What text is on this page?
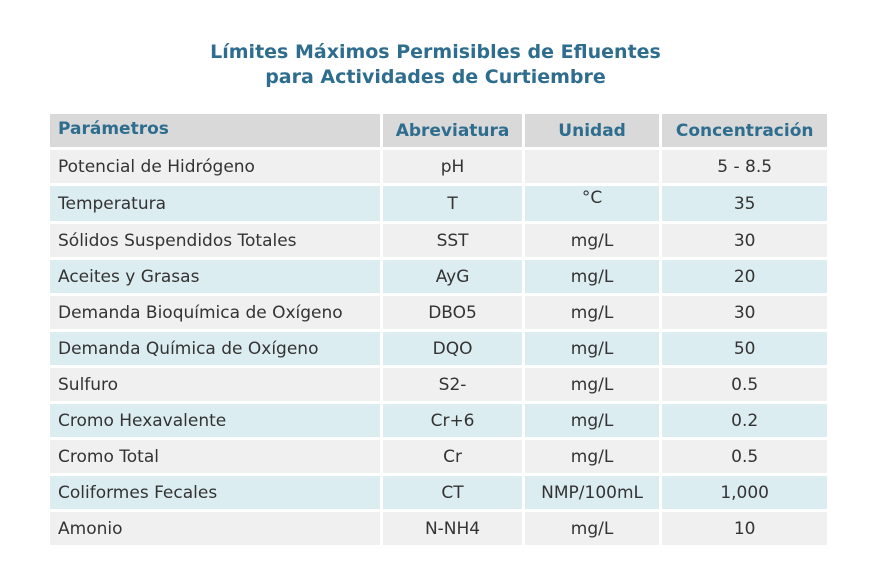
Límites Máximos Permisibles de Efluentes
para Actividades de Curtiembre
Parámetros	Abreviatura	Unidad	Concentración
Potencial de Hidrógeno	pH		5 - 8.5
Temperatura	T	°C	35
Sólidos Suspendidos Totales	SST	mg/L	30
Aceites y Grasas	AyG	mg/L	20
Demanda Bioquímica de Oxígeno	DBO5	mg/L	30
Demanda Química de Oxígeno	DQO	mg/L	50
Sulfuro	S2-	mg/L	0.5
Cromo Hexavalente	Cr+6	mg/L	0.2
Cromo Total	Cr	mg/L	0.5
Coliformes Fecales	CT	NMP/100mL	1,000
Amonio	N-NH4	mg/L	10
